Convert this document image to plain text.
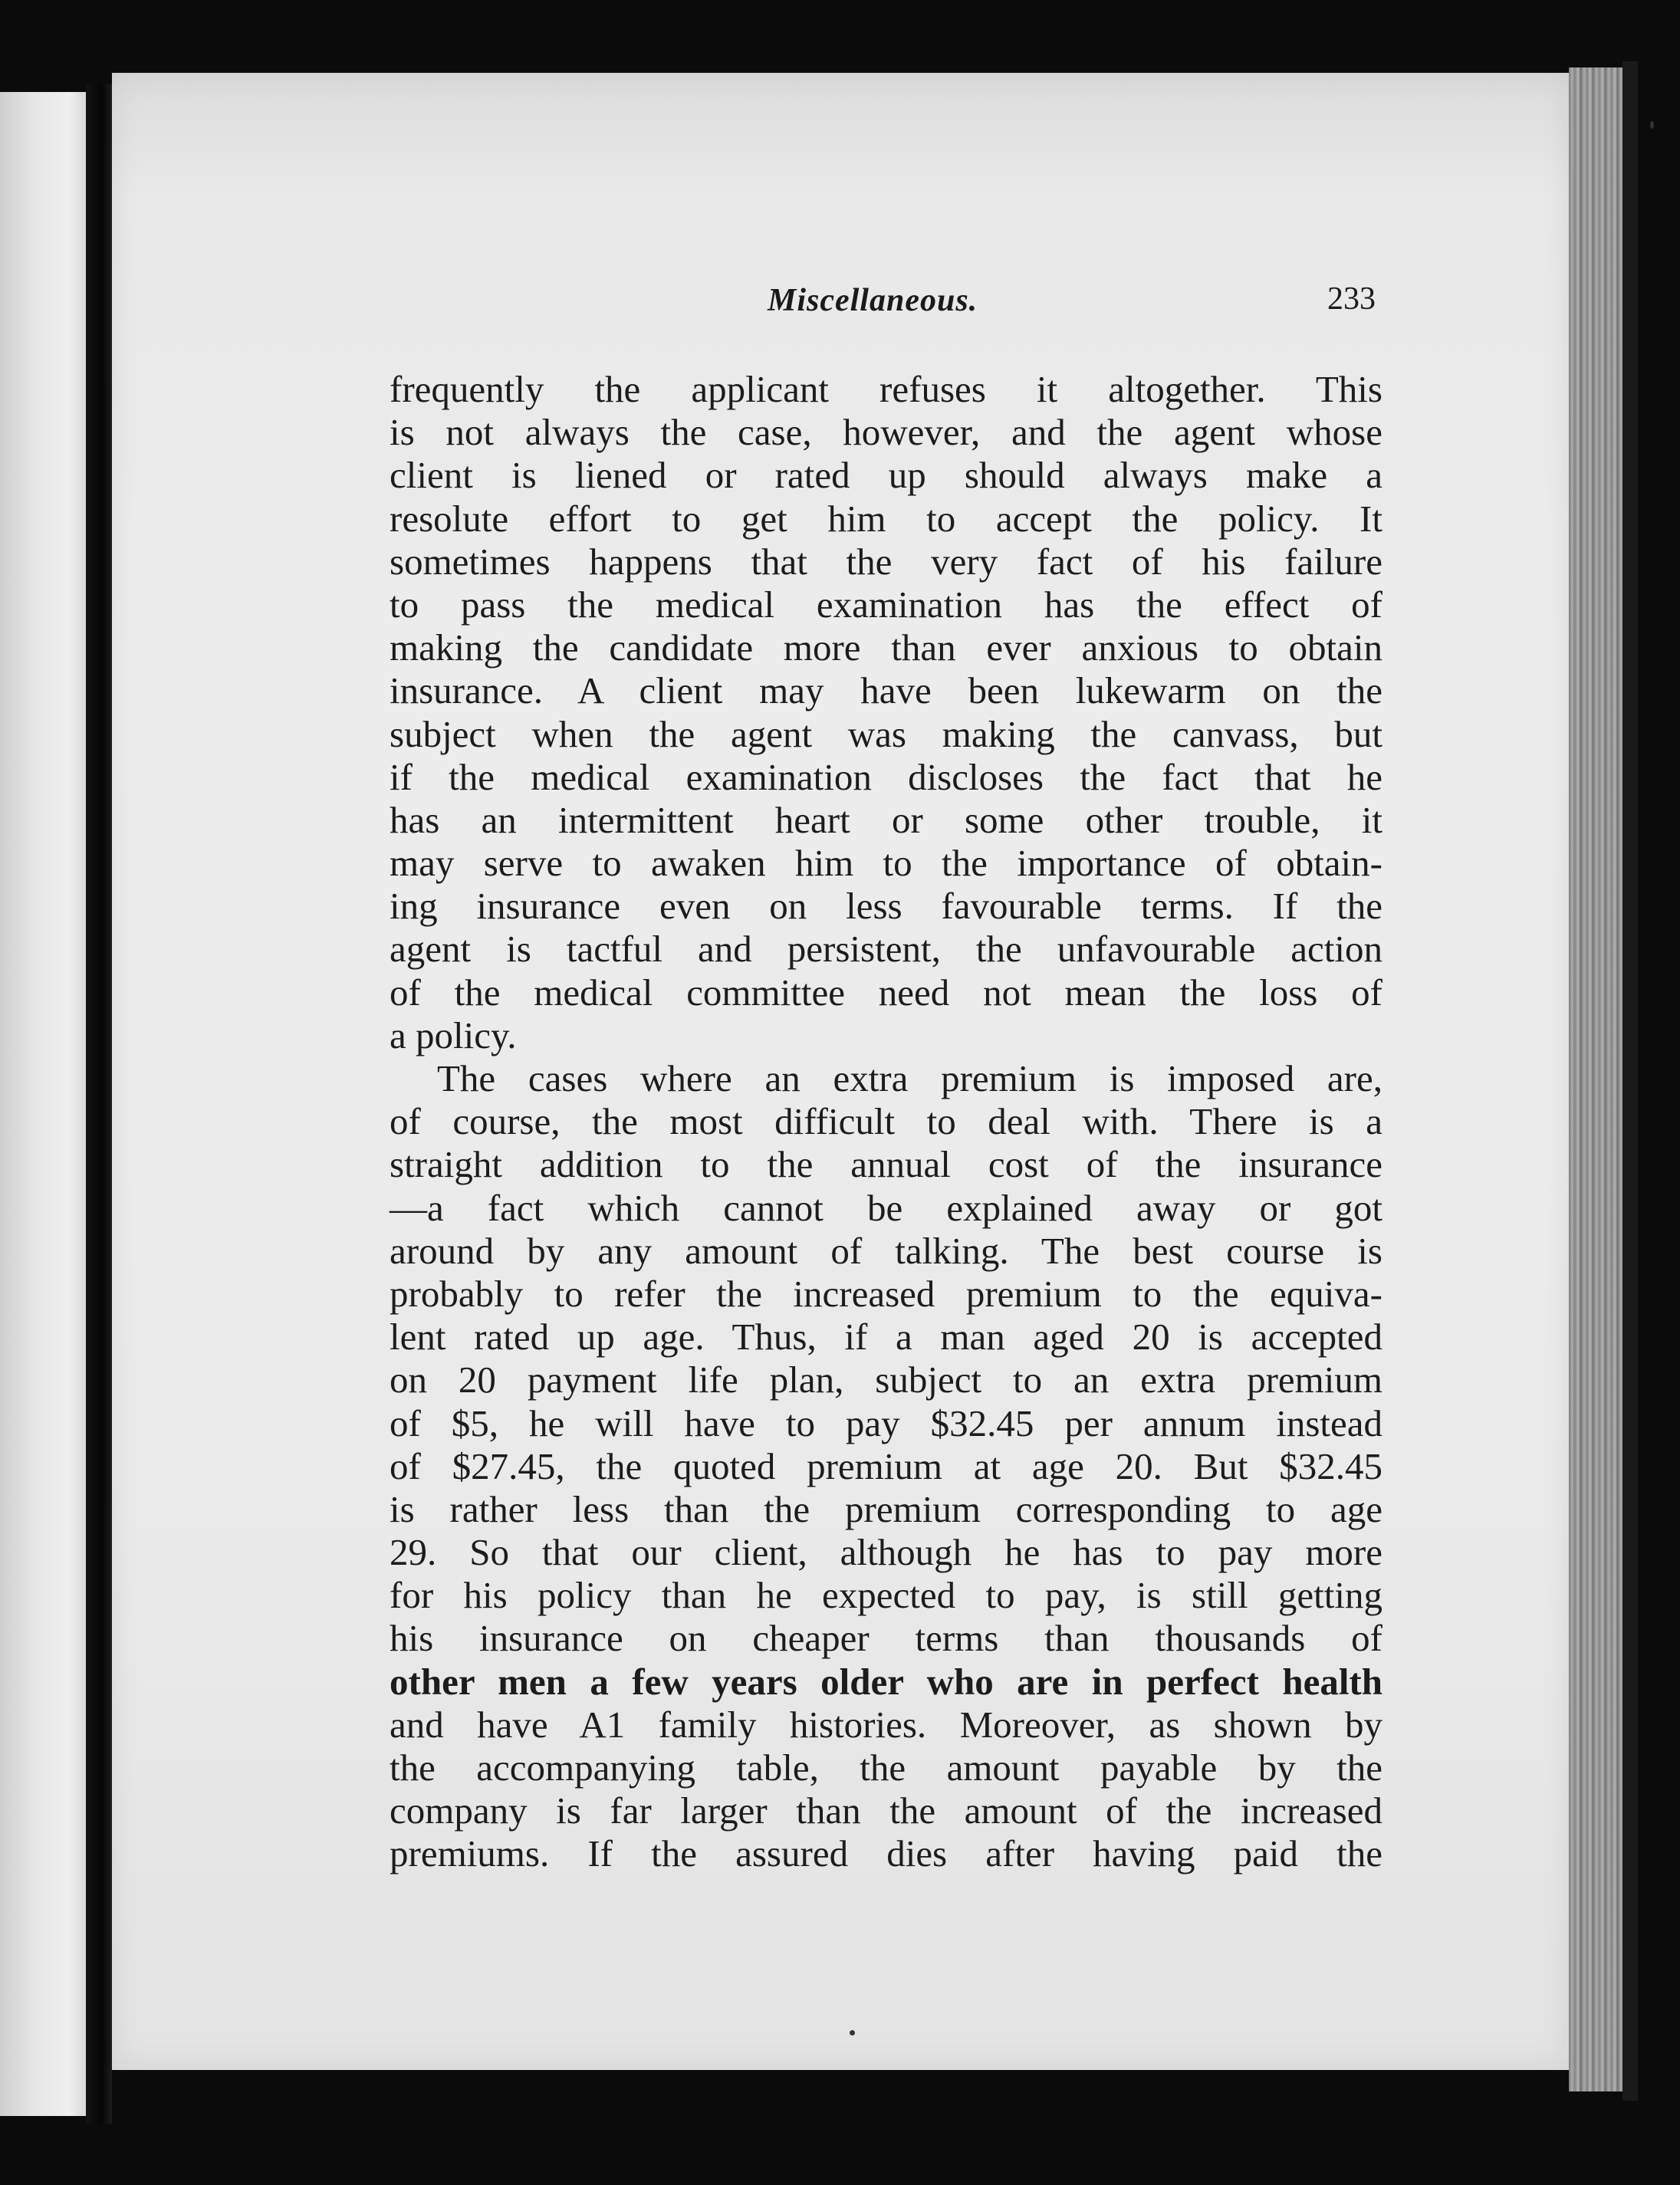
Miscellaneous.	233
frequently the applicant refuses it altogether. This
is not always the case, however, and the agent whose
client is liened or rated up should always make a
resolute effort to get him to accept the policy. It
sometimes happens that the very fact of his failure
to pass the medical examination has the effect of
making the candidate more than ever anxious to obtain
insurance. A client may have been lukewarm on the
subject when the agent was making the canvass, but
if the medical examination discloses the fact that he
has an intermittent heart or some other trouble, it
may serve to awaken him to the importance of obtain-
ing insurance even on less favourable terms. If the
agent is tactful and persistent, the unfavourable action
of the medical committee need not mean the loss of
a policy.
The cases where an extra premium is imposed are,
of course, the most difficult to deal with. There is a
straight addition to the annual cost of the insurance
—a fact which cannot be explained away or got
around by any amount of talking. The best course is
probably to refer the increased premium to the equiva-
lent rated up age. Thus, if a man aged 20 is accepted
on 20 payment life plan, subject to an extra premium
of $5, he will have to pay $32.45 per annum instead
of $27.45, the quoted premium at age 20. But $32.45
is rather less than the premium corresponding to age
29. So that our client, although he has to pay more
for his policy than he expected to pay, is still getting
his insurance on cheaper terms than thousands of
other men a few years older who are in perfect health
and have A1 family histories. Moreover, as shown by
the accompanying table, the amount payable by the
company is far larger than the amount of the increased
premiums. If the assured dies after having paid the
